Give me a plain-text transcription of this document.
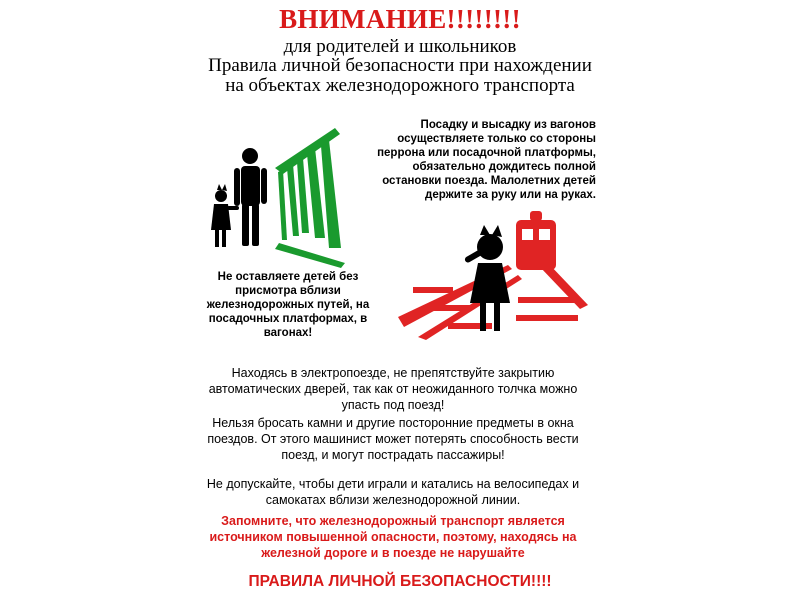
ВНИМАНИЕ!!!!!!!!
для родителей и школьников
Правила личной безопасности при нахождении
на объектах железнодорожного транспорта
Посадку и высадку из вагонов осуществляете только со стороны перрона или посадочной платформы, обязательно дождитесь полной остановки поезда. Малолетних детей держите за руку или на руках.
Не оставляете детей без присмотра вблизи железнодорожных путей, на посадочных платформах, в вагонах!
Находясь в электропоезде, не препятствуйте закрытию автоматических дверей, так как от неожиданного толчка можно упасть под поезд!
Нельзя бросать камни и другие посторонние предметы в окна поездов. От этого машинист может потерять способность вести поезд, и могут пострадать пассажиры!
Не допускайте, чтобы дети играли и катались на велосипедах и самокатах вблизи железнодорожной линии.
Запомните, что железнодорожный транспорт является источником повышенной опасности, поэтому, находясь на железной дороге и в поезде не нарушайте
ПРАВИЛА ЛИЧНОЙ БЕЗОПАСНОСТИ!!!!
